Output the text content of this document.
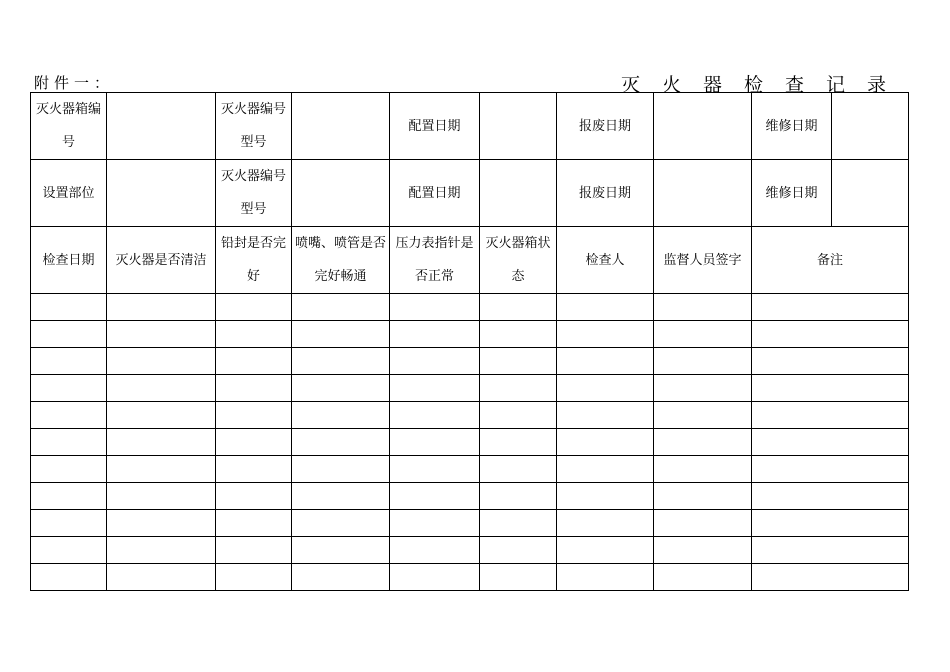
附件一：	灭火器检查记录
灭火器箱编号		灭火器编号型号		配置日期		报废日期		维修日期	
设置部位		灭火器编号型号		配置日期		报废日期		维修日期	
检查日期	灭火器是否清洁	铅封是否完好	喷嘴、喷管是否完好畅通	压力表指针是否正常	灭火器箱状态	检查人	监督人员签字	备注	
